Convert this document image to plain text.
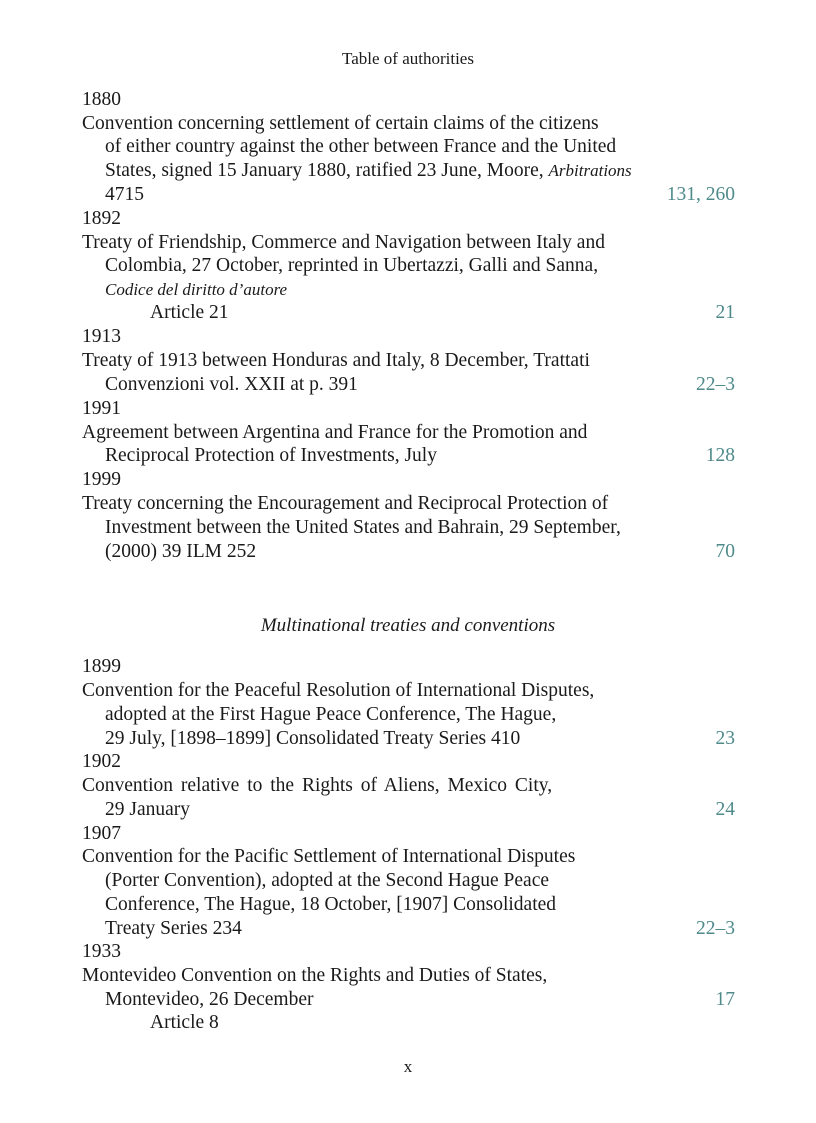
Table of authorities
1880
Convention concerning settlement of certain claims of the citizens
of either country against the other between France and the United
States, signed 15 January 1880, ratified 23 June, Moore, Arbitrations
4715	131, 260
1892
Treaty of Friendship, Commerce and Navigation between Italy and
Colombia, 27 October, reprinted in Ubertazzi, Galli and Sanna,
Codice del diritto d’autore
Article 21	21
1913
Treaty of 1913 between Honduras and Italy, 8 December, Trattati
Convenzioni vol. XXII at p. 391	22–3
1991
Agreement between Argentina and France for the Promotion and
Reciprocal Protection of Investments, July	128
1999
Treaty concerning the Encouragement and Reciprocal Protection of
Investment between the United States and Bahrain, 29 September,
(2000) 39 ILM 252	70
Multinational treaties and conventions
1899
Convention for the Peaceful Resolution of International Disputes,
adopted at the First Hague Peace Conference, The Hague,
29 July, [1898–1899] Consolidated Treaty Series 410	23
1902
Convention relative to the Rights of Aliens, Mexico City,
29 January	24
1907
Convention for the Pacific Settlement of International Disputes
(Porter Convention), adopted at the Second Hague Peace
Conference, The Hague, 18 October, [1907] Consolidated
Treaty Series 234	22–3
1933
Montevideo Convention on the Rights and Duties of States,
Montevideo, 26 December	17
Article 8
x
